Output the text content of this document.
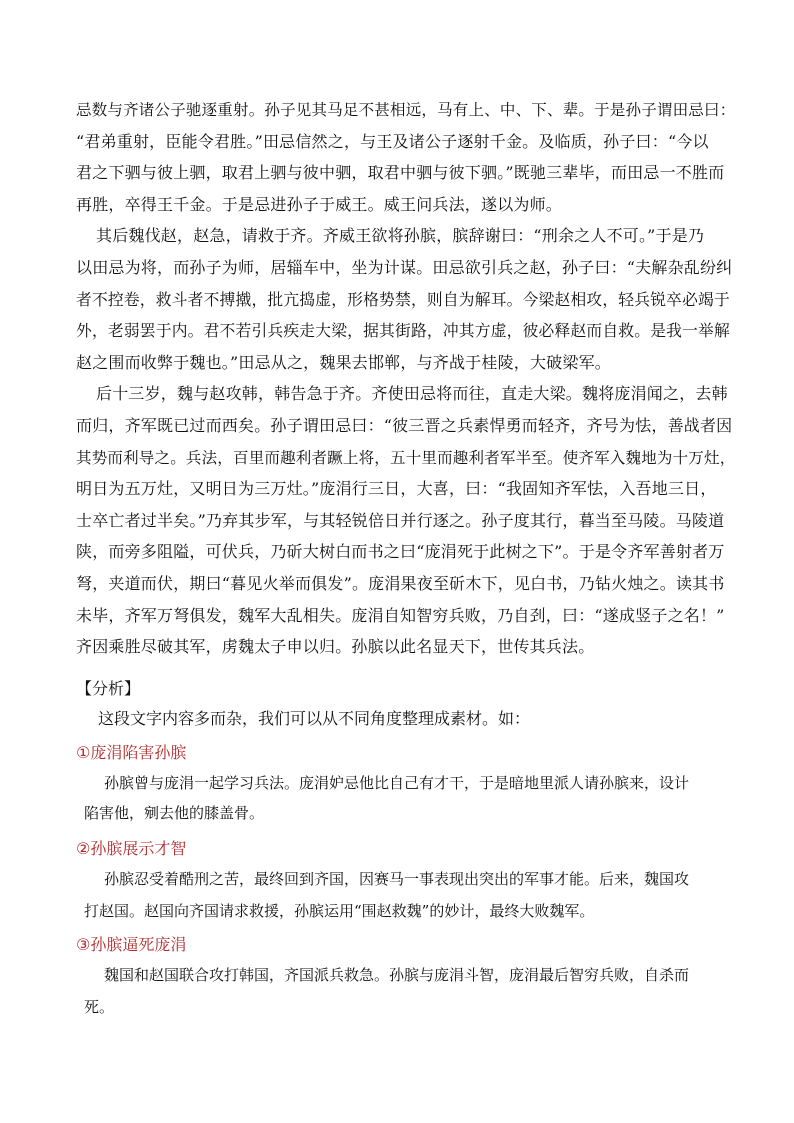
【分析】
这段文字内容多而杂，我们可以从不同角度整理成素材。如：
①庞涓陷害孙膑
孙膑曾与庞涓一起学习兵法。庞涓妒忌他比自己有才干，于是暗地里派人请孙膑来，设计
陷害他，剜去他的膝盖骨。
②孙膑展示才智
孙膑忍受着酷刑之苦，最终回到齐国，因赛马一事表现出突出的军事才能。后来，魏国攻
打赵国。赵国向齐国请求救援，孙膑运用“围赵救魏”的妙计，最终大败魏军。
③孙膑逼死庞涓
魏国和赵国联合攻打韩国，齐国派兵救急。孙膑与庞涓斗智，庞涓最后智穷兵败，自杀而
死。
忌数与齐诸公子驰逐重射。孙子见其马足不甚相远，马有上、中、下、辈。于是孙子谓田忌曰：
“君弟重射，臣能令君胜。”田忌信然之，与王及诸公子逐射千金。及临质，孙子曰：“今以
君之下驷与彼上驷，取君上驷与彼中驷，取君中驷与彼下驷。”既驰三辈毕，而田忌一不胜而
再胜，卒得王千金。于是忌进孙子于威王。威王问兵法，遂以为师。
其后魏伐赵，赵急，请救于齐。齐威王欲将孙膑，膑辞谢曰：“刑余之人不可。”于是乃
以田忌为将，而孙子为师，居辎车中，坐为计谋。田忌欲引兵之赵，孙子曰：“夫解杂乱纷纠
者不控卷，救斗者不搏撠，批亢捣虚，形格势禁，则自为解耳。今梁赵相攻，轻兵锐卒必竭于
外，老弱罢于内。君不若引兵疾走大梁，据其街路，冲其方虚，彼必释赵而自救。是我一举解
赵之围而收弊于魏也。”田忌从之，魏果去邯郸，与齐战于桂陵，大破梁军。
后十三岁，魏与赵攻韩，韩告急于齐。齐使田忌将而往，直走大梁。魏将庞涓闻之，去韩
而归，齐军既已过而西矣。孙子谓田忌曰：“彼三晋之兵素悍勇而轻齐，齐号为怯，善战者因
其势而利导之。兵法，百里而趣利者蹶上将，五十里而趣利者军半至。使齐军入魏地为十万灶，
明日为五万灶，又明日为三万灶。”庞涓行三日，大喜，曰：“我固知齐军怯，入吾地三日，
士卒亡者过半矣。”乃弃其步军，与其轻锐倍日并行逐之。孙子度其行，暮当至马陵。马陵道
陕，而旁多阻隘，可伏兵，乃斫大树白而书之曰“庞涓死于此树之下”。于是令齐军善射者万
弩，夹道而伏，期曰“暮见火举而俱发”。庞涓果夜至斫木下，见白书，乃钻火烛之。读其书
未毕，齐军万弩俱发，魏军大乱相失。庞涓自知智穷兵败，乃自刭，曰：“遂成竖子之名！”
齐因乘胜尽破其军，虏魏太子申以归。孙膑以此名显天下，世传其兵法。
